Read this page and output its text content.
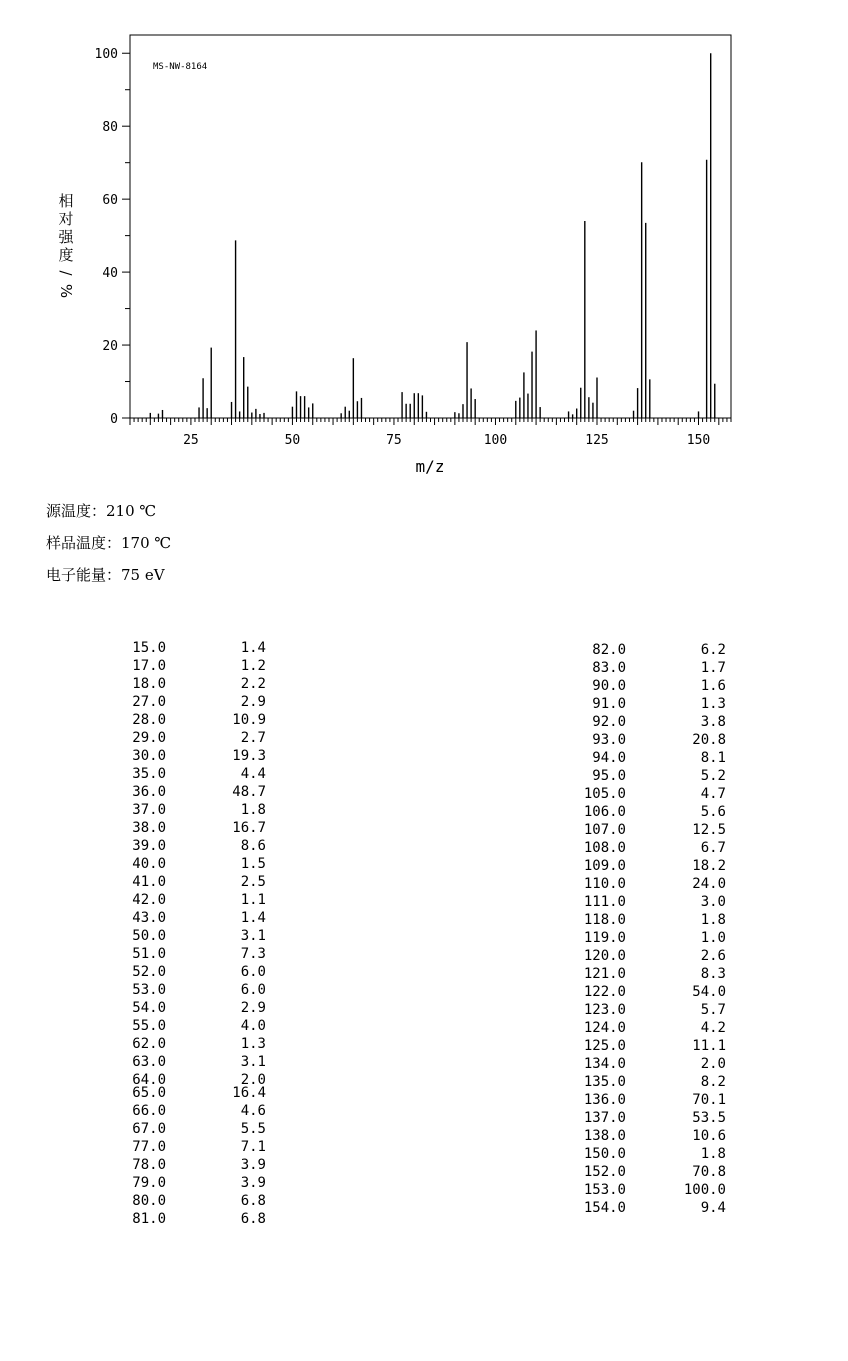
MS-NW-8164
m/z
25	50	75	100	125	150
0
20
40
60
80
100
相
对
强
度
/
%
源温度：210 ℃
样品温度：170 ℃
电子能量：75 eV
15.0	1.4
17.0	1.2
18.0	2.2
27.0	2.9
28.0	10.9
29.0	2.7
30.0	19.3
35.0	4.4
36.0	48.7
37.0	1.8
38.0	16.7
39.0	8.6
40.0	1.5
41.0	2.5
42.0	1.1
43.0	1.4
50.0	3.1
51.0	7.3
52.0	6.0
53.0	6.0
54.0	2.9
55.0	4.0
62.0	1.3
63.0	3.1
64.0	2.0
65.0	16.4
66.0	4.6
67.0	5.5
77.0	7.1
78.0	3.9
79.0	3.9
80.0	6.8
81.0	6.8
82.0	6.2
83.0	1.7
90.0	1.6
91.0	1.3
92.0	3.8
93.0	20.8
94.0	8.1
95.0	5.2
105.0	4.7
106.0	5.6
107.0	12.5
108.0	6.7
109.0	18.2
110.0	24.0
111.0	3.0
118.0	1.8
119.0	1.0
120.0	2.6
121.0	8.3
122.0	54.0
123.0	5.7
124.0	4.2
125.0	11.1
134.0	2.0
135.0	8.2
136.0	70.1
137.0	53.5
138.0	10.6
150.0	1.8
152.0	70.8
153.0	100.0
154.0	9.4
